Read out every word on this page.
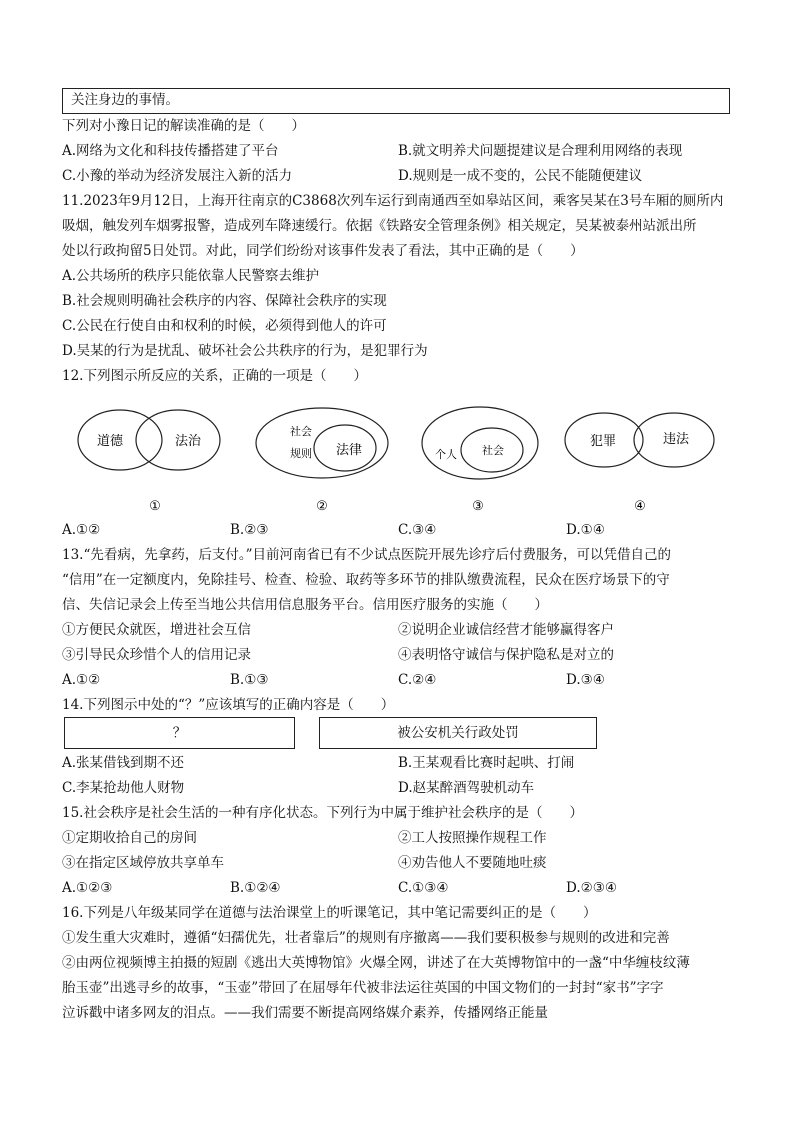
关注身边的事情。
下列对小豫日记的解读准确的是（　　）
A.网络为文化和科技传播搭建了平台	B.就文明养犬问题提建议是合理利用网络的表现
C.小豫的举动为经济发展注入新的活力	D.规则是一成不变的，公民不能随便建议
11.2023年9月12日，上海开往南京的C3868次列车运行到南通西至如皋站区间，乘客吴某在3号车厢的厕所内
吸烟，触发列车烟雾报警，造成列车降速缓行。依据《铁路安全管理条例》相关规定，吴某被泰州站派出所
处以行政拘留5日处罚。对此，同学们纷纷对该事件发表了看法，其中正确的是（　　）
A.公共场所的秩序只能依靠人民警察去维护
B.社会规则明确社会秩序的内容、保障社会秩序的实现
C.公民在行使自由和权利的时候，必须得到他人的许可
D.吴某的行为是扰乱、破坏社会公共秩序的行为，是犯罪行为
12.下列图示所反应的关系，正确的一项是（　　）
道德	法治
社会
规则 法律	个人 社会
犯罪	违法
①	②	③	④
A.①②	B.②③	C.③④	D.①④
13.“先看病，先拿药，后支付。”目前河南省已有不少试点医院开展先诊疗后付费服务，可以凭借自己的
“信用”在一定额度内，免除挂号、检查、检验、取药等多环节的排队缴费流程，民众在医疗场景下的守
信、失信记录会上传至当地公共信用信息服务平台。信用医疗服务的实施（　　）
①方便民众就医，增进社会互信	②说明企业诚信经营才能够赢得客户
③引导民众珍惜个人的信用记录	④表明恪守诚信与保护隐私是对立的
A.①②	B.①③	C.②④	D.③④
14.下列图示中处的“？”应该填写的正确内容是（　　）
？	被公安机关行政处罚
A.张某借钱到期不还	B.王某观看比赛时起哄、打闹
C.李某抢劫他人财物	D.赵某醉酒驾驶机动车
15.社会秩序是社会生活的一种有序化状态。下列行为中属于维护社会秩序的是（　　）
①定期收拾自己的房间	②工人按照操作规程工作
③在指定区域停放共享单车	④劝告他人不要随地吐痰
A.①②③	B.①②④	C.①③④	D.②③④
16.下列是八年级某同学在道德与法治课堂上的听课笔记，其中笔记需要纠正的是（　　）
①发生重大灾难时，遵循“妇孺优先，壮者靠后”的规则有序撤离——我们要积极参与规则的改进和完善
②由两位视频博主拍摄的短剧《逃出大英博物馆》火爆全网，讲述了在大英博物馆中的一盏“中华缠枝纹薄
胎玉壶”出逃寻乡的故事，“玉壶”带回了在屈辱年代被非法运往英国的中国文物们的一封封“家书”字字
泣诉戳中诸多网友的泪点。——我们需要不断提高网络媒介素养，传播网络正能量
